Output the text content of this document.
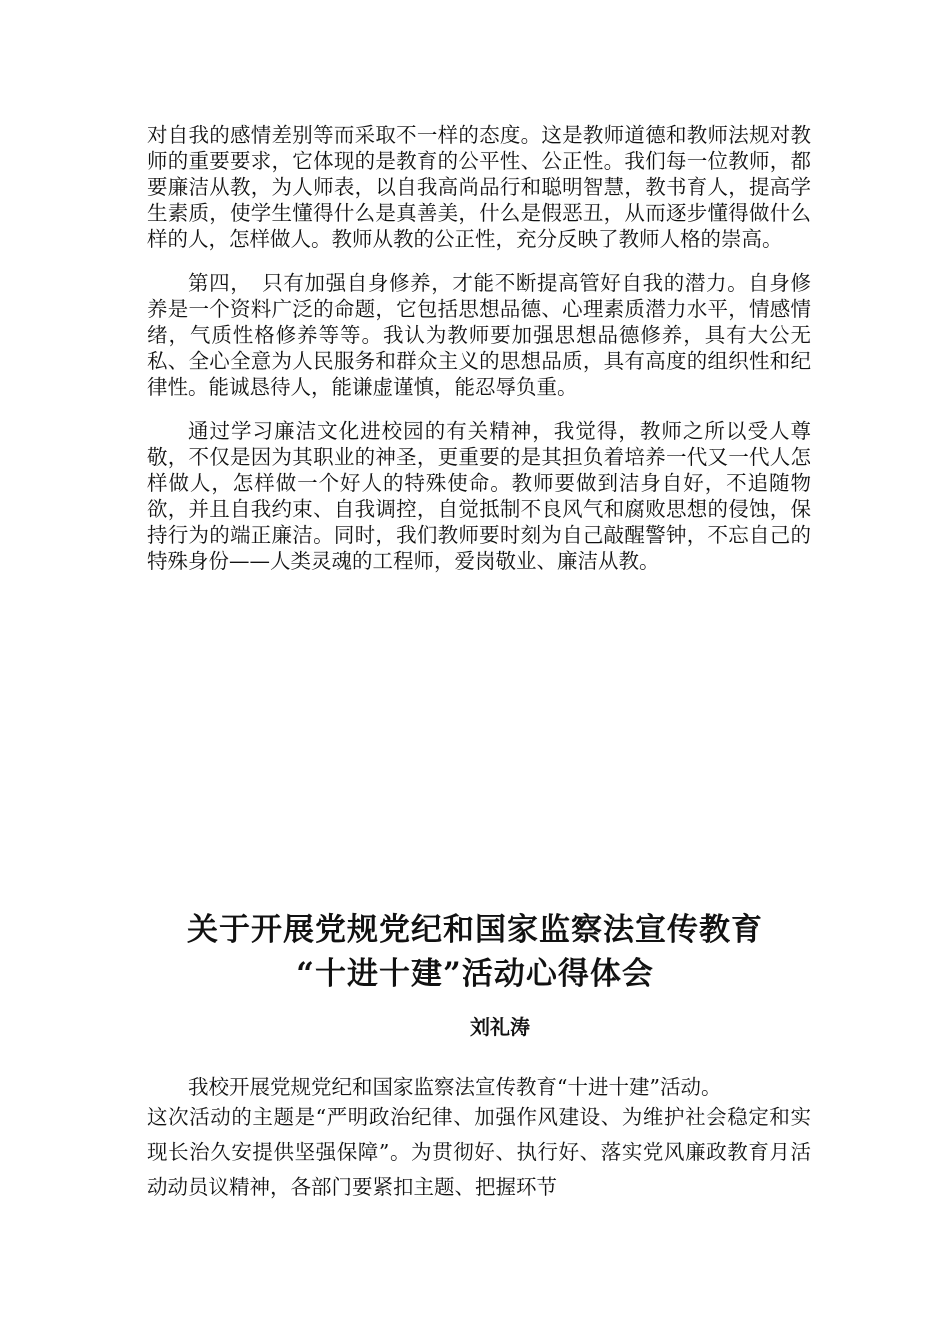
对自我的感情差别等而采取不一样的态度。这是教师道德和教师法规对教师的重要要求，它体现的是教育的公平性、公正性。我们每一位教师，都要廉洁从教，为人师表，以自我高尚品行和聪明智慧，教书育人，提高学生素质，使学生懂得什么是真善美，什么是假恶丑，从而逐步懂得做什么样的人，怎样做人。教师从教的公正性，充分反映了教师人格的崇高。

第四，　只有加强自身修养，才能不断提高管好自我的潜力。自身修养是一个资料广泛的命题，它包括思想品德、心理素质潜力水平，情感情绪，气质性格修养等等。我认为教师要加强思想品德修养，具有大公无私、全心全意为人民服务和群众主义的思想品质，具有高度的组织性和纪律性。能诚恳待人，能谦虚谨慎，能忍辱负重。

通过学习廉洁文化进校园的有关精神，我觉得，教师之所以受人尊敬，不仅是因为其职业的神圣，更重要的是其担负着培养一代又一代人怎样做人，怎样做一个好人的特殊使命。教师要做到洁身自好，不追随物欲，并且自我约束、自我调控，自觉抵制不良风气和腐败思想的侵蚀，保持行为的端正廉洁。同时，我们教师要时刻为自己敲醒警钟，不忘自己的特殊身份——人类灵魂的工程师，爱岗敬业、廉洁从教。

关于开展党规党纪和国家监察法宣传教育

“十进十建”活动心得体会

刘礼涛

我校开展党规党纪和国家监察法宣传教育“十进十建”活动。
这次活动的主题是“严明政治纪律、加强作风建设、为维护社会稳定和实现长治久安提供坚强保障”。为贯彻好、执行好、落实党风廉政教育月活动动员议精神，各部门要紧扣主题、把握环节
